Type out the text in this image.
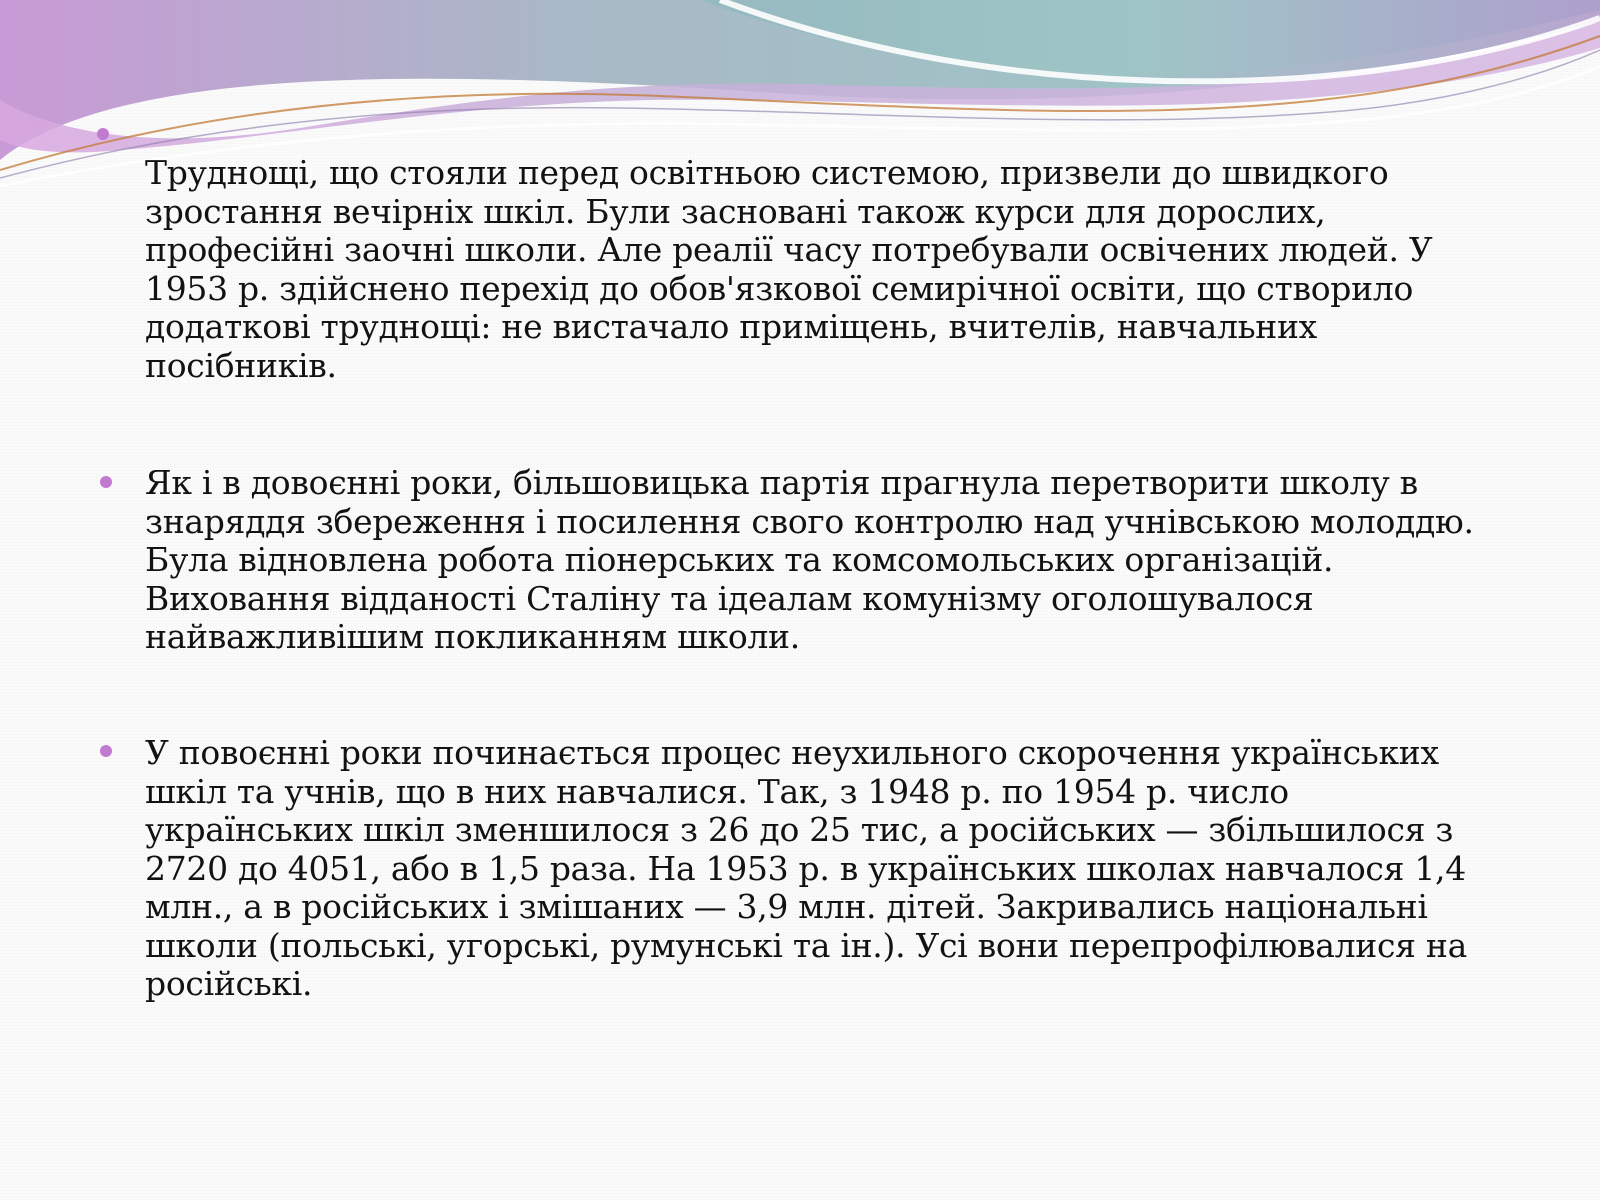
Труднощі, що стояли перед освітньою системою, призвели до швидкого зростання вечірніх шкіл. Були засновані також курси для дорослих, професійні заочні школи. Але реалії часу потребували освічених людей. У 1953 р. здійснено перехід до обов'язкової семирічної освіти, що створило додаткові труднощі: не вистачало приміщень, вчителів, навчальних посібників.

Як і в довоєнні роки, більшовицька партія прагнула перетворити школу в знаряддя збереження і посилення свого контролю над учнівською молоддю. Була відновлена робота піонерських та комсомольських організацій. Виховання відданості Сталіну та ідеалам комунізму оголошувалося найважливішим покликанням школи.

У повоєнні роки починається процес неухильного скорочення українських шкіл та учнів, що в них навчалися. Так, з 1948 р. по 1954 р. число українських шкіл зменшилося з 26 до 25 тис, а російських — збільшилося з 2720 до 4051, або в 1,5 раза. На 1953 р. в українських школах навчалося 1,4 млн., а в російських і змішаних — 3,9 млн. дітей. Закривались національні школи (польські, угорські, румунські та ін.). Усі вони перепрофілювалися на російські.
